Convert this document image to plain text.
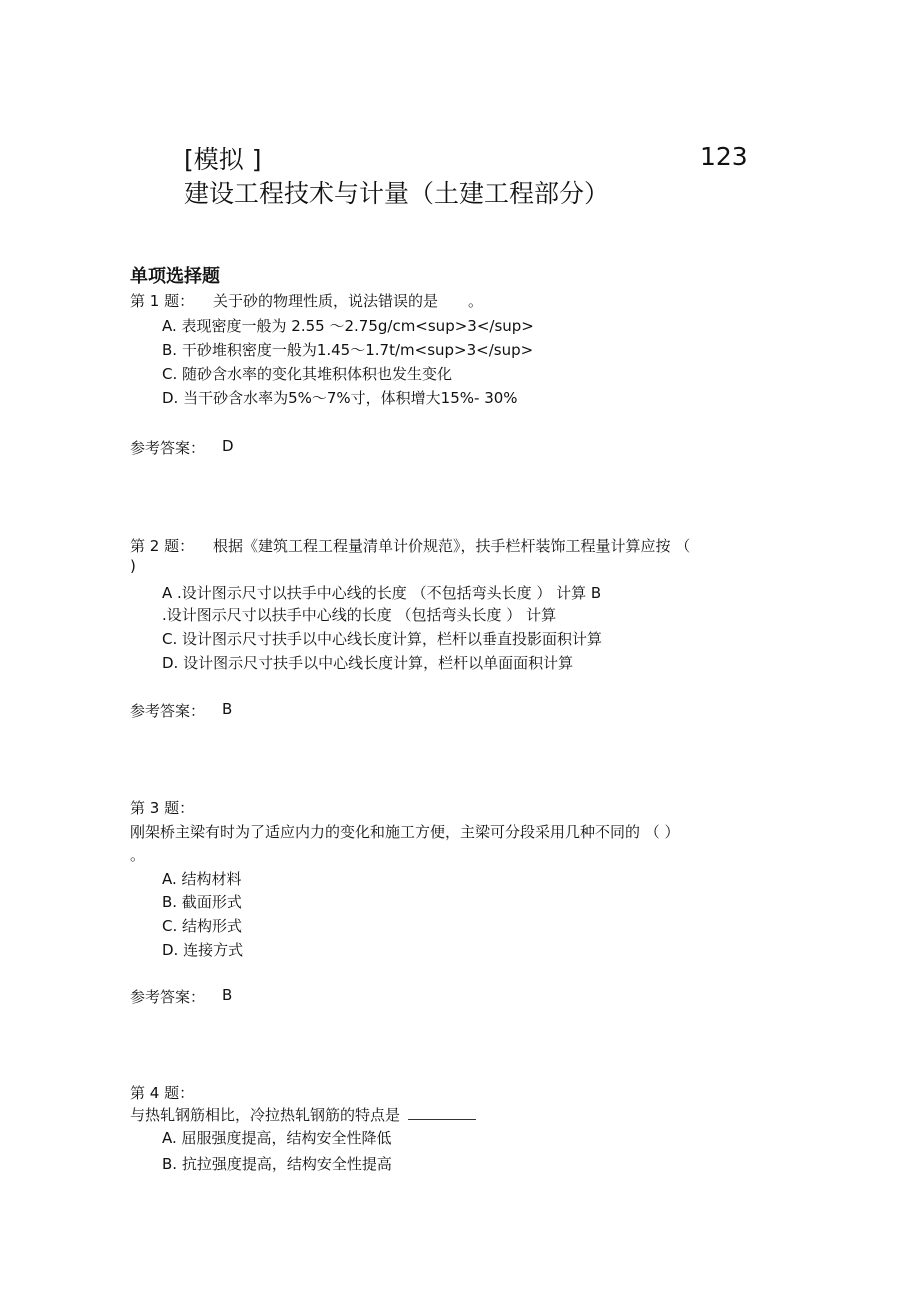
[模拟 ]	123
建设工程技术与计量（土建工程部分）
单项选择题
第 1 题： 关于砂的物理性质，说法错误的是　　。
A. 表现密度一般为 2.55 ～2.75g/cm<sup>3</sup>
B. 干砂堆积密度一般为1.45～1.7t/m<sup>3</sup>
C. 随砂含水率的变化其堆积体积也发生变化
D. 当干砂含水率为5%～7%寸，体积增大15%- 30%
参考答案： D
第 2 题： 根据《建筑工程工程量清单计价规范》，扶手栏杆装饰工程量计算应按 （
)
A .设计图示尺寸以扶手中心线的长度 （不包括弯头长度 ） 计算 B
.设计图示尺寸以扶手中心线的长度 （包括弯头长度 ） 计算
C. 设计图示尺寸扶手以中心线长度计算，栏杆以垂直投影面积计算
D. 设计图示尺寸扶手以中心线长度计算，栏杆以单面面积计算
参考答案： B
第 3 题：
刚架桥主梁有时为了适应内力的变化和施工方便，主梁可分段采用几种不同的 （ ）
。
A. 结构材料
B. 截面形式
C. 结构形式
D. 连接方式
参考答案： B
第 4 题：
与热轧钢筋相比，冷拉热轧钢筋的特点是
A. 屈服强度提高，结构安全性降低
B. 抗拉强度提高，结构安全性提高
